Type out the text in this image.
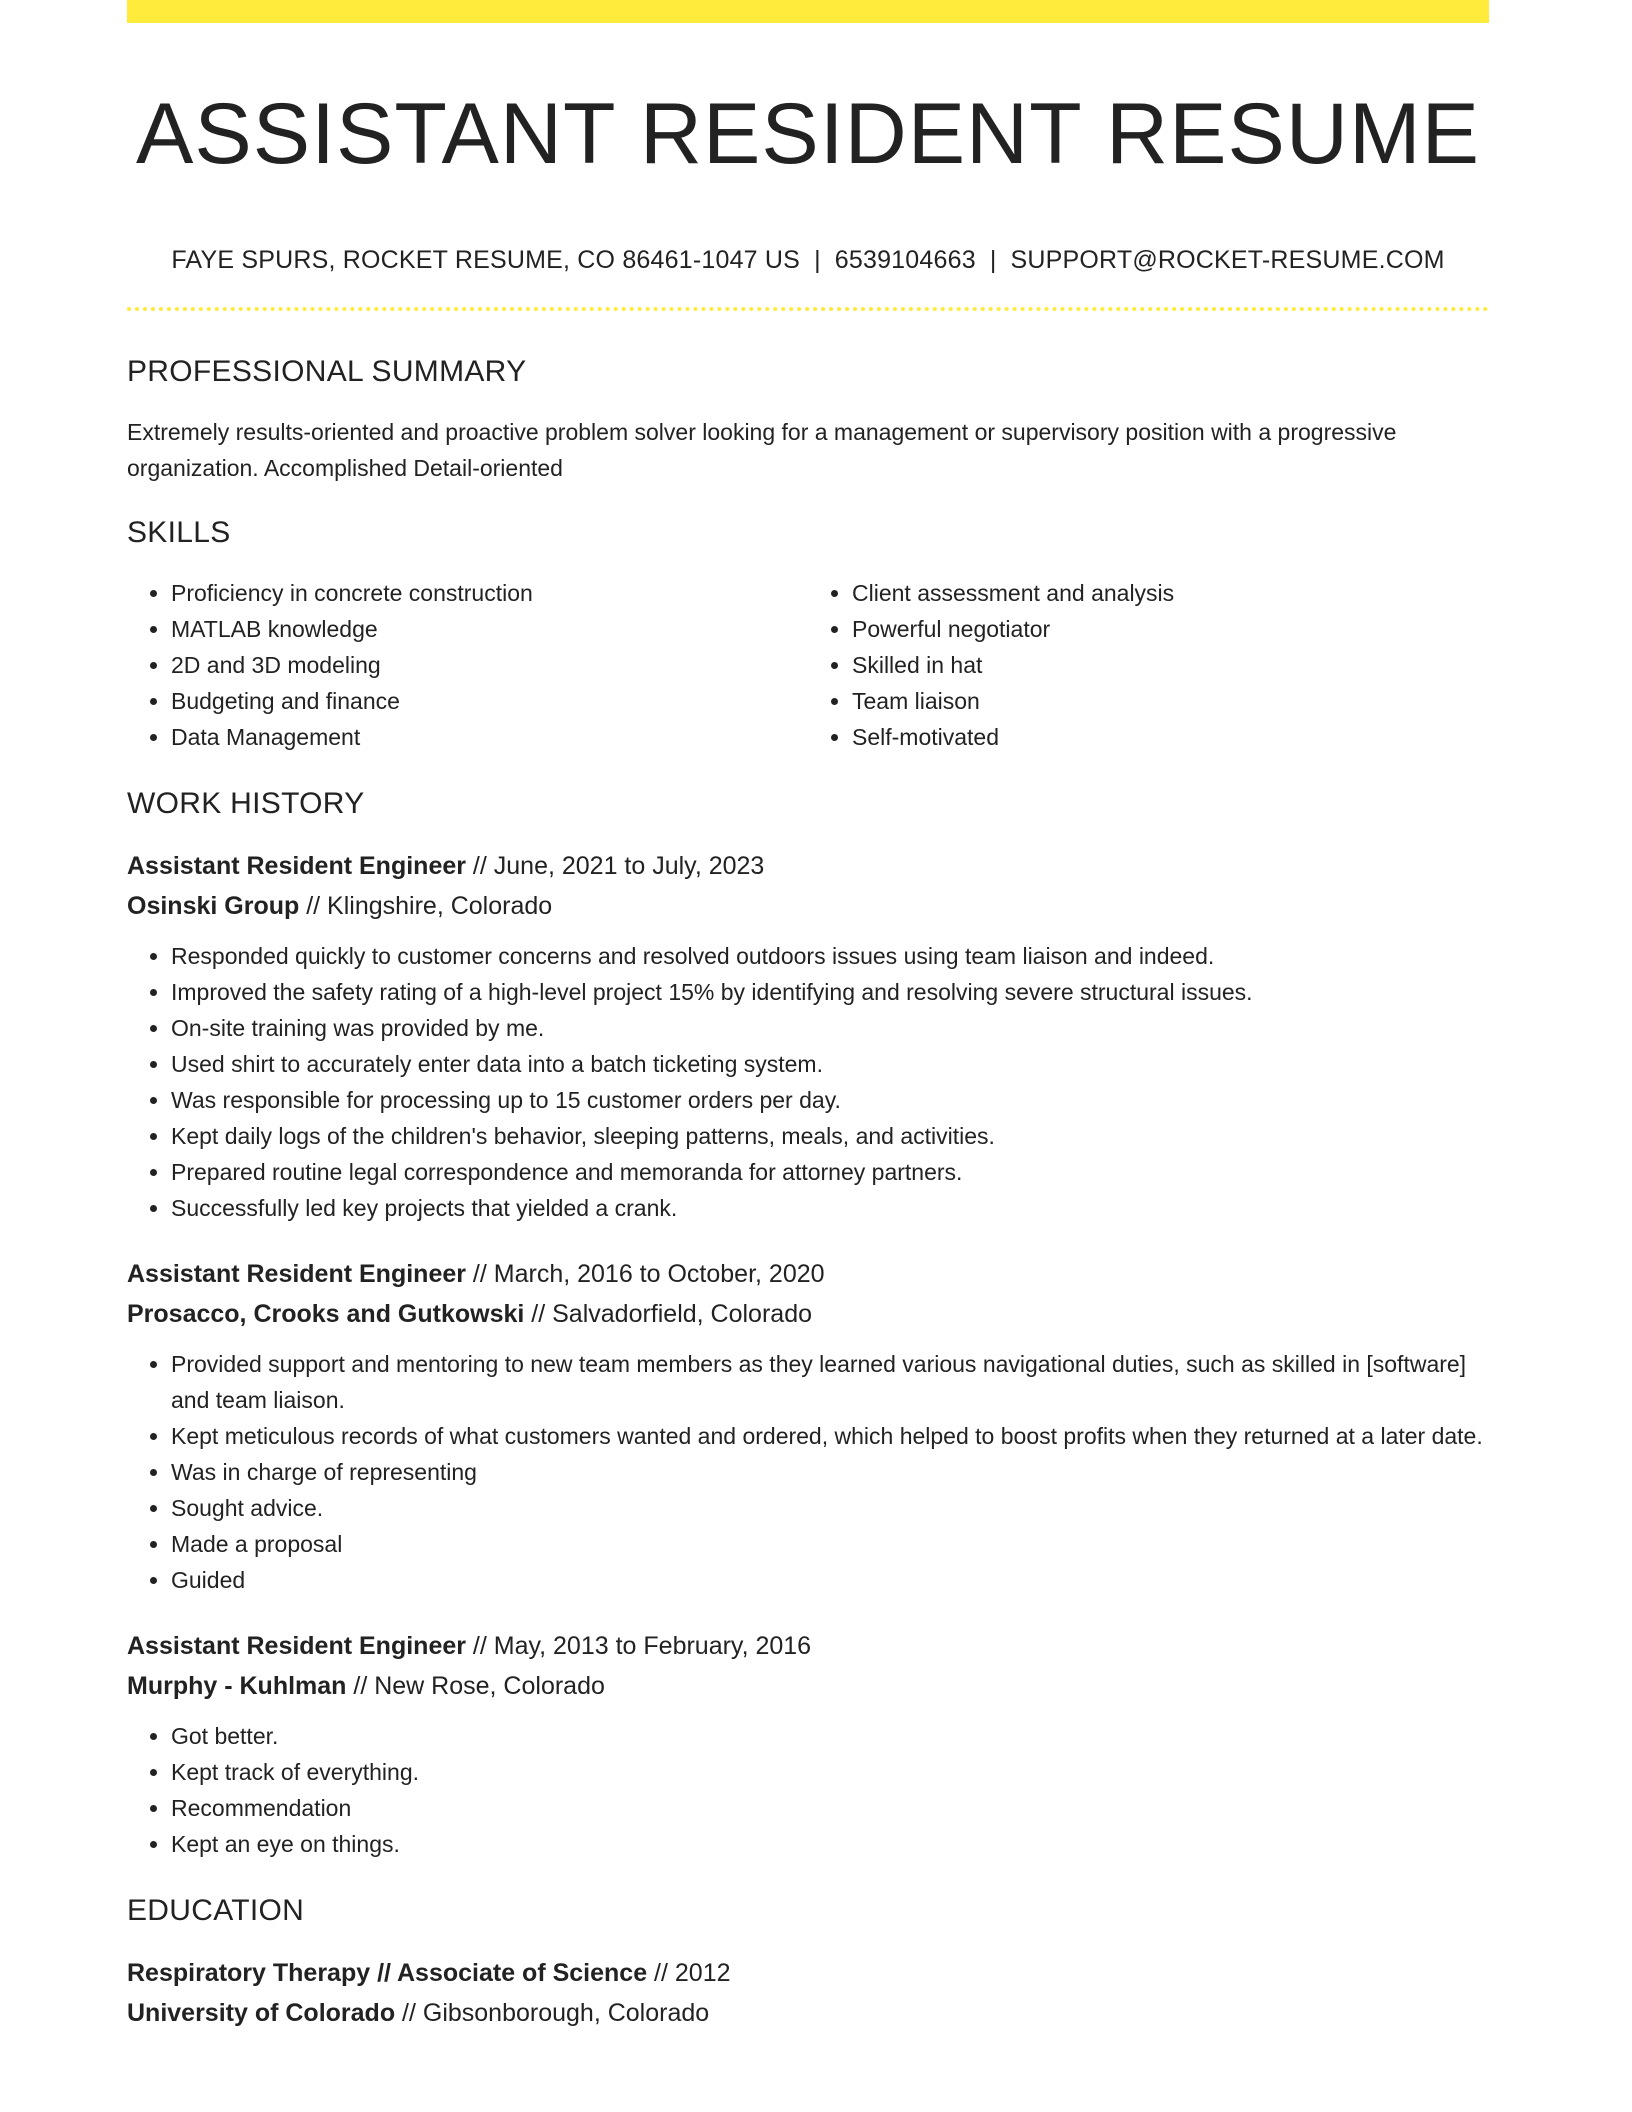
ASSISTANT RESIDENT RESUME
FAYE SPURS, ROCKET RESUME, CO 86461-1047 US | 6539104663 | SUPPORT@ROCKET-RESUME.COM
PROFESSIONAL SUMMARY
Extremely results-oriented and proactive problem solver looking for a management or supervisory position with a progressive organization. Accomplished Detail-oriented
SKILLS
• Proficiency in concrete construction
• MATLAB knowledge
• 2D and 3D modeling
• Budgeting and finance
• Data Management
• Client assessment and analysis
• Powerful negotiator
• Skilled in hat
• Team liaison
• Self-motivated
WORK HISTORY
Assistant Resident Engineer // June, 2021 to July, 2023
Osinski Group // Klingshire, Colorado
• Responded quickly to customer concerns and resolved outdoors issues using team liaison and indeed.
• Improved the safety rating of a high-level project 15% by identifying and resolving severe structural issues.
• On-site training was provided by me.
• Used shirt to accurately enter data into a batch ticketing system.
• Was responsible for processing up to 15 customer orders per day.
• Kept daily logs of the children's behavior, sleeping patterns, meals, and activities.
• Prepared routine legal correspondence and memoranda for attorney partners.
• Successfully led key projects that yielded a crank.
Assistant Resident Engineer // March, 2016 to October, 2020
Prosacco, Crooks and Gutkowski // Salvadorfield, Colorado
• Provided support and mentoring to new team members as they learned various navigational duties, such as skilled in [software] and team liaison.
• Kept meticulous records of what customers wanted and ordered, which helped to boost profits when they returned at a later date.
• Was in charge of representing
• Sought advice.
• Made a proposal
• Guided
Assistant Resident Engineer // May, 2013 to February, 2016
Murphy - Kuhlman // New Rose, Colorado
• Got better.
• Kept track of everything.
• Recommendation
• Kept an eye on things.
EDUCATION
Respiratory Therapy // Associate of Science // 2012
University of Colorado // Gibsonborough, Colorado
